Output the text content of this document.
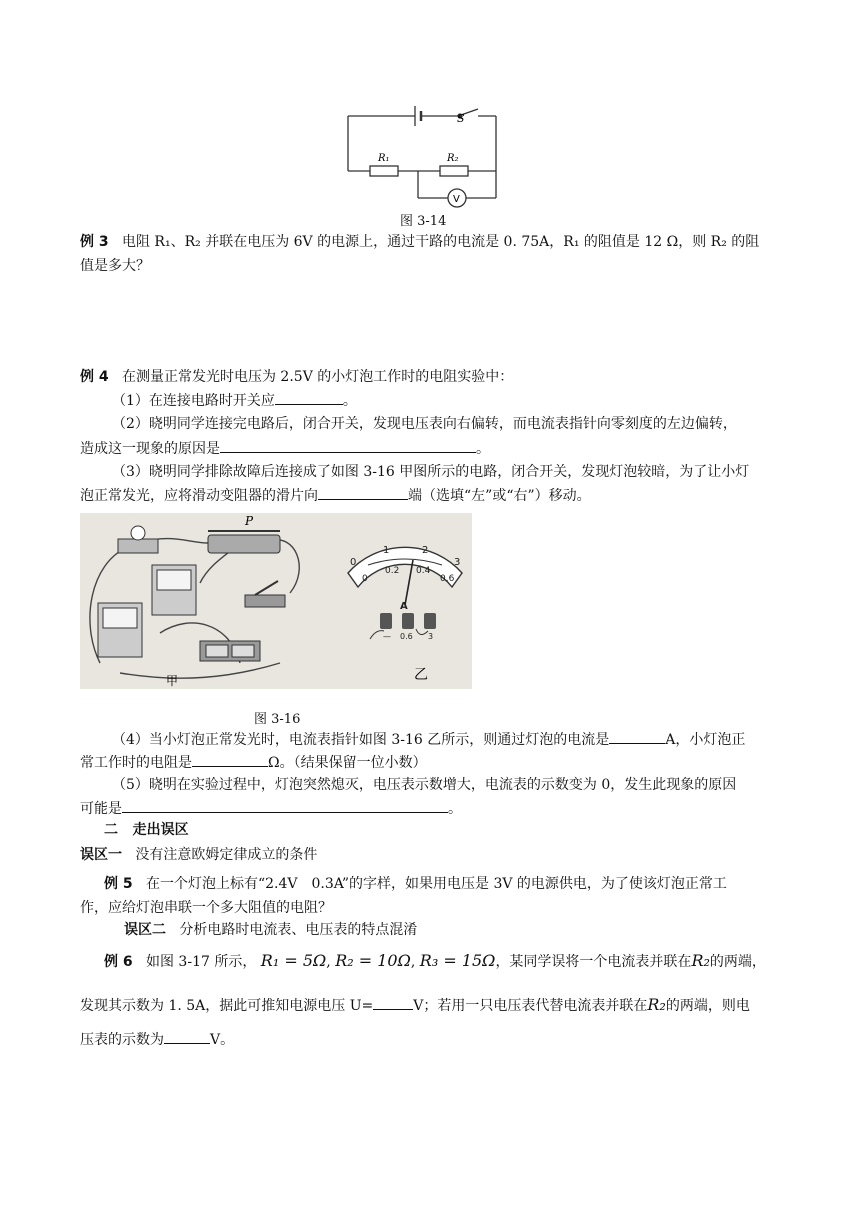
S
R₁	R₂
V
图 3-14
例 3 电阻 R₁、R₂ 并联在电压为 6V 的电源上，通过干路的电流是 0. 75A，R₁ 的阻值是 12 Ω，则 R₂ 的阻
值是多大？
例 4 在测量正常发光时电压为 2.5V 的小灯泡工作时的电阻实验中：
（1）在连接电路时开关应	。
（2）晓明同学连接完电路后，闭合开关，发现电压表向右偏转，而电流表指针向零刻度的左边偏转，
造成这一现象的原因是	。
（3）晓明同学排除故障后连接成了如图 3-16 甲图所示的电路，闭合开关，发现灯泡较暗，为了让小灯
泡正常发光，应将滑动变阻器的滑片向	端（选填“左”或“右”）移动。
P
甲
0
1	2
3
0
0.2 0.4
0.6
A
— 0.6 3
乙
图 3-16
（4）当小灯泡正常发光时，电流表指针如图 3-16 乙所示，则通过灯泡的电流是	A，小灯泡正
常工作时的电阻是	Ω。（结果保留一位小数）
（5）晓明在实验过程中，灯泡突然熄灭，电压表示数增大，电流表的示数变为 0，发生此现象的原因
可能是	。
二 走出误区
误区一 没有注意欧姆定律成立的条件
例 5 在一个灯泡上标有“2.4V　0.3A”的字样，如果用电压是 3V 的电源供电，为了使该灯泡正常工
作，应给灯泡串联一个多大阻值的电阻？
误区二 分析电路时电流表、电压表的特点混淆
例 6 如图 3-17 所示， R₁ = 5Ω, R₂ = 10Ω, R₃ = 15Ω，某同学误将一个电流表并联在R₂的两端，
发现其示数为 1. 5A，据此可推知电源电压 U=	V；若用一只电压表代替电流表并联在R₂的两端，则电
压表的示数为	V。
